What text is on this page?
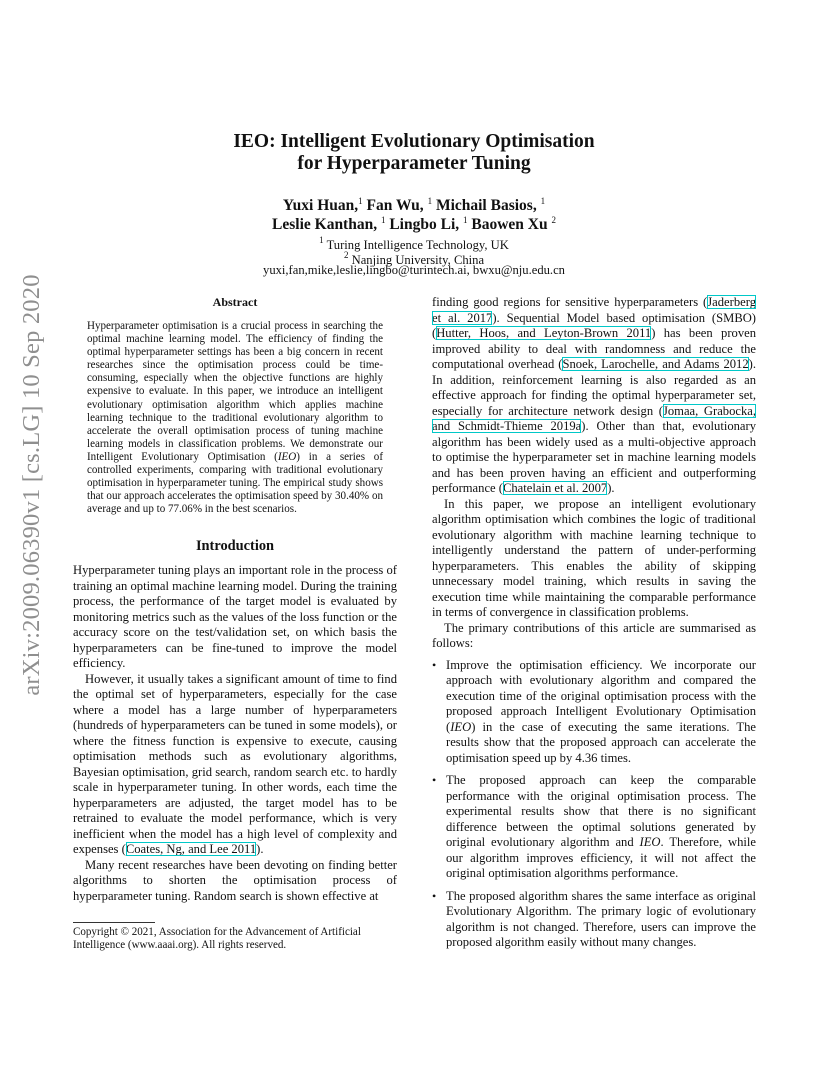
arXiv:2009.06390v1 [cs.LG] 10 Sep 2020
IEO: Intelligent Evolutionary Optimisation
for Hyperparameter Tuning
Yuxi Huan,$^1$ Fan Wu, $^1$ Michail Basios, $^1$
Leslie Kanthan, $^1$ Lingbo Li, $^1$ Baowen Xu $^2$
$^1$ Turing Intelligence Technology, UK
$^2$ Nanjing University, China
yuxi,fan,mike,leslie,lingbo@turintech.ai, bwxu@nju.edu.cn
Abstract

Hyperparameter optimisation is a crucial process in searching the optimal machine learning model. The efficiency of finding the optimal hyperparameter settings has been a big concern in recent researches since the optimisation process could be time-consuming, especially when the objective functions are highly expensive to evaluate. In this paper, we introduce an intelligent evolutionary optimisation algorithm which applies machine learning technique to the traditional evolutionary algorithm to accelerate the overall optimisation process of tuning machine learning models in classification problems. We demonstrate our Intelligent Evolutionary Optimisation (IEO) in a series of controlled experiments, comparing with traditional evolutionary optimisation in hyperparameter tuning. The empirical study shows that our approach accelerates the optimisation speed by 30.40% on average and up to 77.06% in the best scenarios.

Introduction

Hyperparameter tuning plays an important role in the process of training an optimal machine learning model. During the training process, the performance of the target model is evaluated by monitoring metrics such as the values of the loss function or the accuracy score on the test/validation set, on which basis the hyperparameters can be fine-tuned to improve the model efficiency.

However, it usually takes a significant amount of time to find the optimal set of hyperparameters, especially for the case where a model has a large number of hyperparameters (hundreds of hyperparameters can be tuned in some models), or where the fitness function is expensive to execute, causing optimisation methods such as evolutionary algorithms, Bayesian optimisation, grid search, random search etc. to hardly scale in hyperparameter tuning. In other words, each time the hyperparameters are adjusted, the target model has to be retrained to evaluate the model performance, which is very inefficient when the model has a high level of complexity and expenses (Coates, Ng, and Lee 2011).

Many recent researches have been devoting on finding better algorithms to shorten the optimisation process of hyperparameter tuning. Random search is shown effective at

Copyright © 2021, Association for the Advancement of Artificial Intelligence (www.aaai.org). All rights reserved.

finding good regions for sensitive hyperparameters (Jaderberg et al. 2017). Sequential Model based optimisation (SMBO) (Hutter, Hoos, and Leyton-Brown 2011) has been proven improved ability to deal with randomness and reduce the computational overhead (Snoek, Larochelle, and Adams 2012). In addition, reinforcement learning is also regarded as an effective approach for finding the optimal hyperparameter set, especially for architecture network design (Jomaa, Grabocka, and Schmidt-Thieme 2019a). Other than that, evolutionary algorithm has been widely used as a multi-objective approach to optimise the hyperparameter set in machine learning models and has been proven having an efficient and outperforming performance (Chatelain et al. 2007).

In this paper, we propose an intelligent evolutionary algorithm optimisation which combines the logic of traditional evolutionary algorithm with machine learning technique to intelligently understand the pattern of under-performing hyperparameters. This enables the ability of skipping unnecessary model training, which results in saving the execution time while maintaining the comparable performance in terms of convergence in classification problems.

The primary contributions of this article are summarised as follows:

• Improve the optimisation efficiency. We incorporate our approach with evolutionary algorithm and compared the execution time of the original optimisation process with the proposed approach Intelligent Evolutionary Optimisation (IEO) in the case of executing the same iterations. The results show that the proposed approach can accelerate the optimisation speed up by 4.36 times.
• The proposed approach can keep the comparable performance with the original optimisation process. The experimental results show that there is no significant difference between the optimal solutions generated by original evolutionary algorithm and IEO. Therefore, while our algorithm improves efficiency, it will not affect the original optimisation algorithms performance.
• The proposed algorithm shares the same interface as original Evolutionary Algorithm. The primary logic of evolutionary algorithm is not changed. Therefore, users can improve the proposed algorithm easily without many changes.
